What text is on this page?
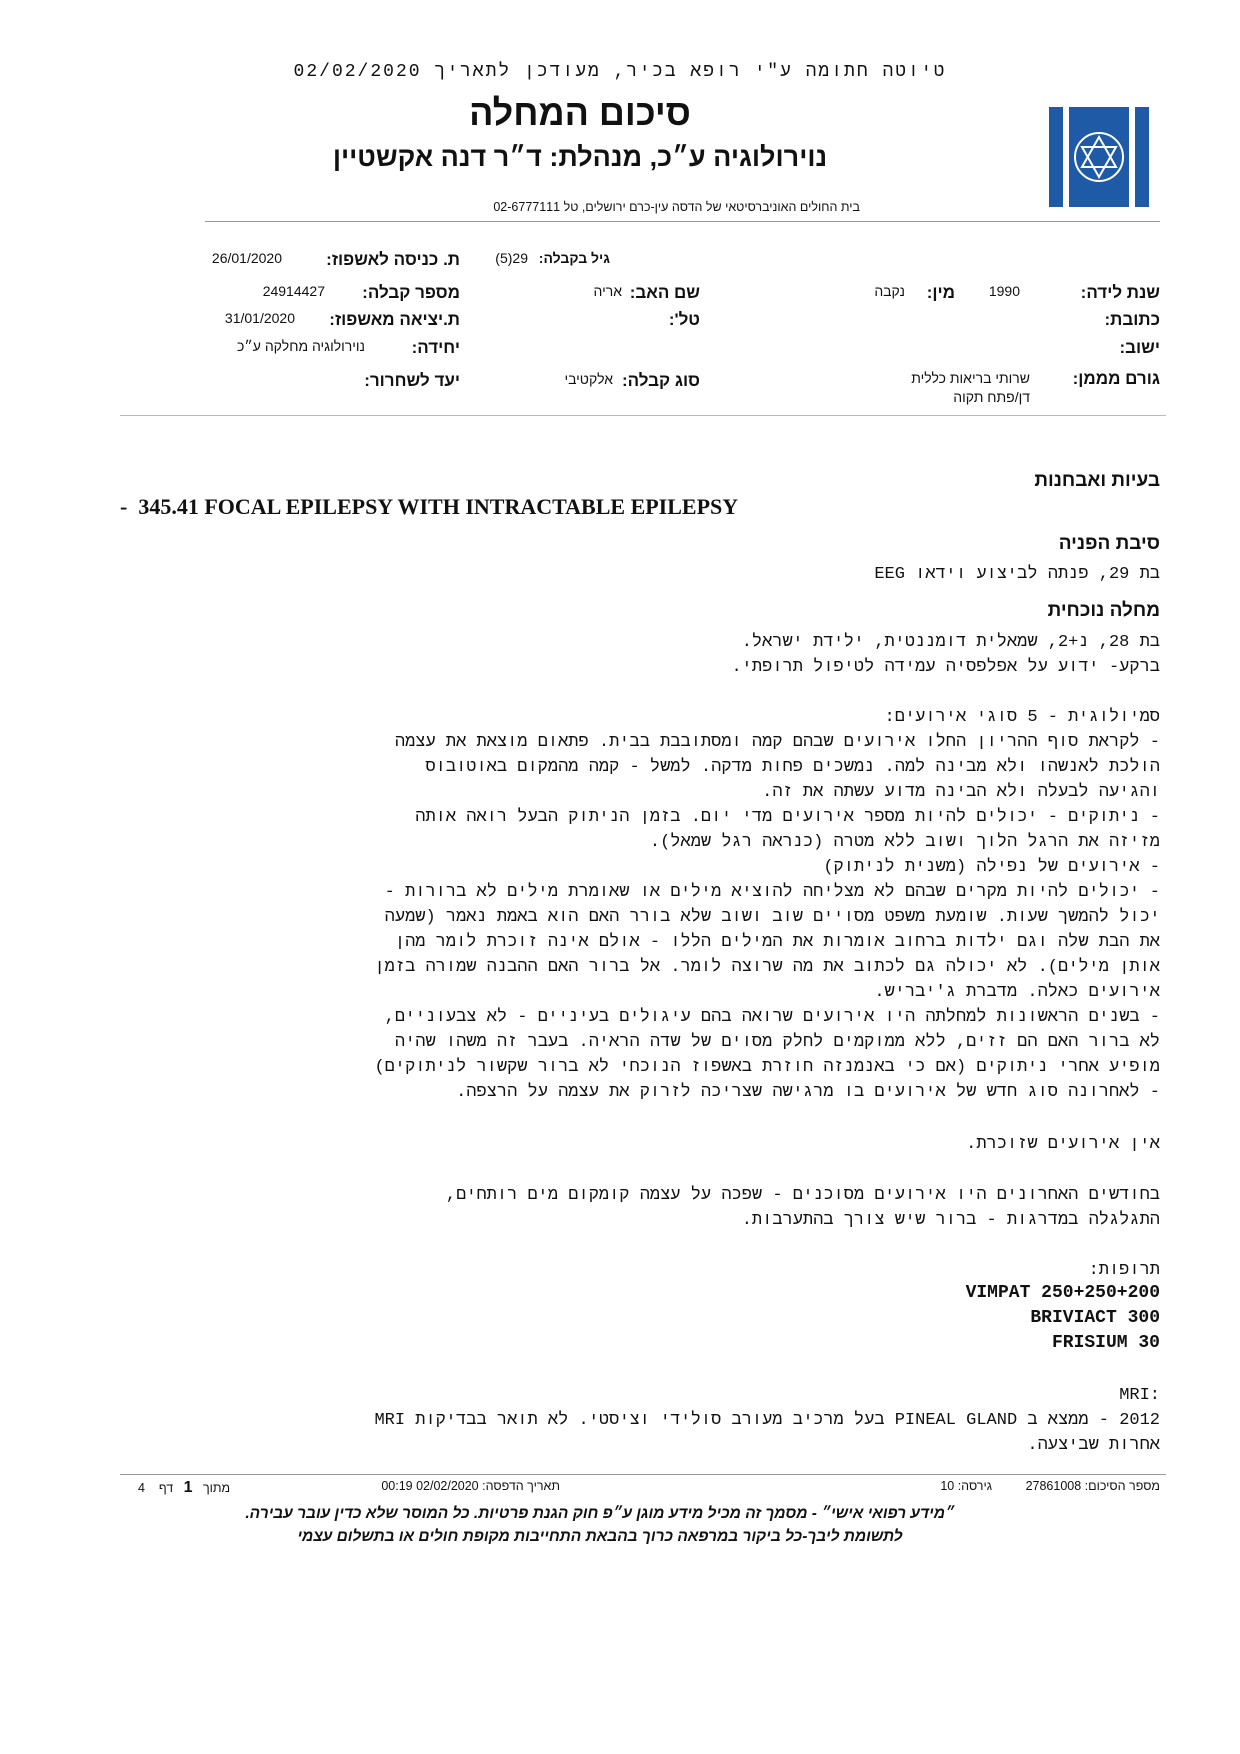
טיוטה חתומה ע"י רופא בכיר, מעודכן לתאריך 02/02/2020
סיכום המחלה
נוירולוגיה ע״כ, מנהלת: ד״ר דנה אקשטיין
בית החולים האוניברסיטאי של הדסה עין-כרם ירושלים, טל 02-6777111
שנת לידה:
1990
מין:
נקבה
כתובת:
ישוב:
גורם מממן:
שרותי בריאות כללית דן/פתח תקוה
גיל בקבלה:
29(5)
שם האב:
אריה
טל':
סוג קבלה:
אלקטיבי
ת. כניסה לאשפוז:
26/01/2020
מספר קבלה:
24914427
ת.יציאה מאשפוז:
31/01/2020
יחידה:
נוירולוגיה מחלקה ע״כ
יעד לשחרור:
בעיות ואבחנות
- 345.41 FOCAL EPILEPSY WITH INTRACTABLE EPILEPSY
סיבת הפניה
בת 29, פנתה לביצוע וידאו EEG
מחלה נוכחית
בת 28, נ+2, שמאלית דומננטית, ילידת ישראל.
ברקע- ידוע על אפלפסיה עמידה לטיפול תרופתי.
סמיולוגית - 5 סוגי אירועים:
- לקראת סוף ההריון החלו אירועים שבהם קמה ומסתובבת בבית. פתאום מוצאת את עצמה
הולכת לאנשהו ולא מבינה למה. נמשכים פחות מדקה. למשל - קמה מהמקום באוטובוס
והגיעה לבעלה ולא הבינה מדוע עשתה את זה.
- ניתוקים - יכולים להיות מספר אירועים מדי יום. בזמן הניתוק הבעל רואה אותה
מזיזה את הרגל הלוך ושוב ללא מטרה (כנראה רגל שמאל).
- אירועים של נפילה (משנית לניתוק)
- יכולים להיות מקרים שבהם לא מצליחה להוציא מילים או שאומרת מילים לא ברורות -
יכול להמשך שעות. שומעת משפט מסויים שוב ושוב שלא בורר האם הוא באמת נאמר (שמעה
את הבת שלה וגם ילדות ברחוב אומרות את המילים הללו - אולם אינה זוכרת לומר מהן
אותן מילים). לא יכולה גם לכתוב את מה שרוצה לומר. אל ברור האם ההבנה שמורה בזמן
אירועים כאלה. מדברת ג'יבריש.
- בשנים הראשונות למחלתה היו אירועים שרואה בהם עיגולים בעיניים - לא צבעוניים,
לא ברור האם הם זזים, ללא ממוקמים לחלק מסוים של שדה הראיה. בעבר זה משהו שהיה
מופיע אחרי ניתוקים (אם כי באנמנזה חוזרת באשפוז הנוכחי לא ברור שקשור לניתוקים)
- לאחרונה סוג חדש של אירועים בו מרגישה שצריכה לזרוק את עצמה על הרצפה.
אין אירועים שזוכרת.
בחודשים האחרונים היו אירועים מסוכנים - שפכה על עצמה קומקום מים רותחים,
התגלגלה במדרגות - ברור שיש צורך בהתערבות.
תרופות:
VIMPAT 250+250+200
BRIVIACT 300
FRISIUM 30
MRI:
2012 - ממצא ב PINEAL GLAND בעל מרכיב מעורב סולידי וציסטי. לא תואר בבדיקות MRI
אחרות שביצעה.
מספר הסיכום: 27861008
גירסה: 10
תאריך הדפסה: 02/02/2020 00:19
4	מתוך   1   דף
״מידע רפואי אישי״ - מסמך זה מכיל מידע מוגן ע״פ חוק הגנת פרטיות. כל המוסר שלא כדין עובר עבירה.
לתשומת ליבך-כל ביקור במרפאה כרוך בהבאת התחייבות מקופת חולים או בתשלום עצמי
